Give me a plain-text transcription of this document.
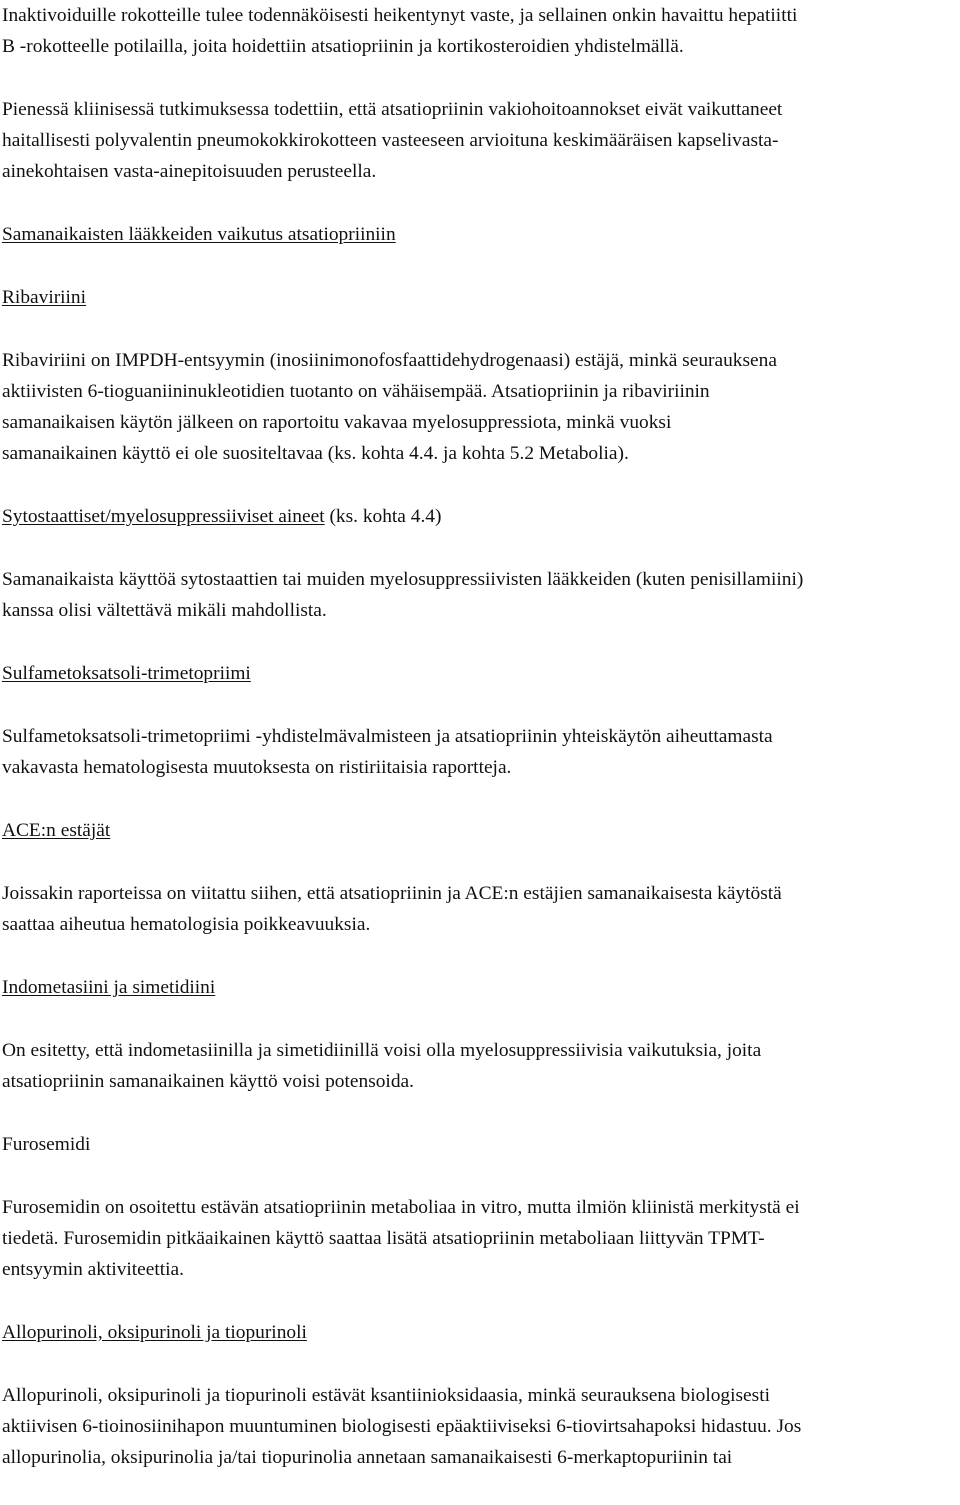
Inaktivoiduille rokotteille tulee todennäköisesti heikentynyt vaste, ja sellainen onkin havaittu hepatiitti
B -rokotteelle potilailla, joita hoidettiin atsatiopriinin ja kortikosteroidien yhdistelmällä.

Pienessä kliinisessä tutkimuksessa todettiin, että atsatiopriinin vakiohoitoannokset eivät vaikuttaneet
haitallisesti polyvalentin pneumokokkirokotteen vasteeseen arvioituna keskimääräisen kapselivasta-
ainekohtaisen vasta-ainepitoisuuden perusteella.

Samanaikaisten lääkkeiden vaikutus atsatiopriiniin

Ribaviriini

Ribaviriini on IMPDH-entsyymin (inosiinimonofosfaattidehydrogenaasi) estäjä, minkä seurauksena
aktiivisten 6-tioguaniininukleotidien tuotanto on vähäisempää. Atsatiopriinin ja ribaviriinin
samanaikaisen käytön jälkeen on raportoitu vakavaa myelosuppressiota, minkä vuoksi
samanaikainen käyttö ei ole suositeltavaa (ks. kohta 4.4. ja kohta 5.2 Metabolia).

Sytostaattiset/myelosuppressiiviset aineet (ks. kohta 4.4)

Samanaikaista käyttöä sytostaattien tai muiden myelosuppressiivisten lääkkeiden (kuten penisillamiini)
kanssa olisi vältettävä mikäli mahdollista.

Sulfametoksatsoli-trimetopriimi

Sulfametoksatsoli-trimetopriimi -yhdistelmävalmisteen ja atsatiopriinin yhteiskäytön aiheuttamasta
vakavasta hematologisesta muutoksesta on ristiriitaisia raportteja.

ACE:n estäjät

Joissakin raporteissa on viitattu siihen, että atsatiopriinin ja ACE:n estäjien samanaikaisesta käytöstä
saattaa aiheutua hematologisia poikkeavuuksia.

Indometasiini ja simetidiini

On esitetty, että indometasiinilla ja simetidiinillä voisi olla myelosuppressiivisia vaikutuksia, joita
atsatiopriinin samanaikainen käyttö voisi potensoida.

Furosemidi

Furosemidin on osoitettu estävän atsatiopriinin metaboliaa in vitro, mutta ilmiön kliinistä merkitystä ei
tiedetä. Furosemidin pitkäaikainen käyttö saattaa lisätä atsatiopriinin metaboliaan liittyvän TPMT-
entsyymin aktiviteettia.

Allopurinoli, oksipurinoli ja tiopurinoli

Allopurinoli, oksipurinoli ja tiopurinoli estävät ksantiinioksidaasia, minkä seurauksena biologisesti
aktiivisen 6-tioinosiinihapon muuntuminen biologisesti epäaktiiviseksi 6-tiovirtsahapoksi hidastuu. Jos
allopurinolia, oksipurinolia ja/tai tiopurinolia annetaan samanaikaisesti 6-merkaptopuriinin tai
